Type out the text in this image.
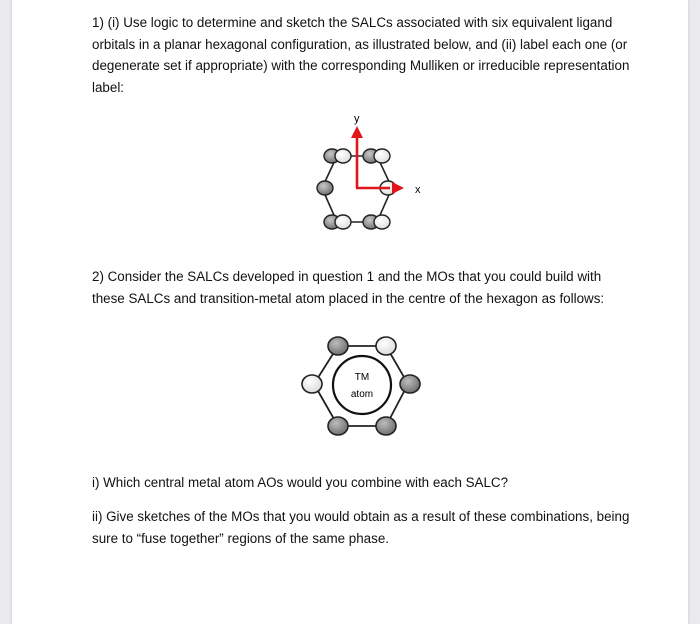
1) (i) Use logic to determine and sketch the SALCs associated with six equivalent ligand orbitals in a planar hexagonal configuration, as illustrated below, and (ii) label each one (or degenerate set if appropriate) with the corresponding Mulliken or irreducible representation label:

y
x

2) Consider the SALCs developed in question 1 and the MOs that you could build with these SALCs and transition-metal atom placed in the centre of the hexagon as follows:

TM
atom

i) Which central metal atom AOs would you combine with each SALC?

ii) Give sketches of the MOs that you would obtain as a result of these combinations, being sure to “fuse together” regions of the same phase.
